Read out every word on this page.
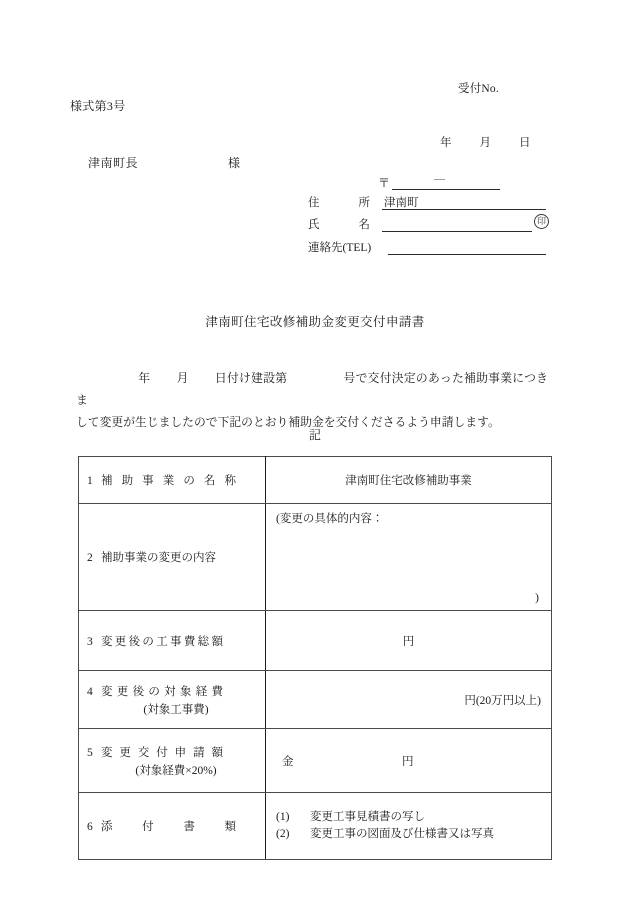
受付No.
様式第3号
年 月 日
津南町長	様
〒	—
住所 津南町
氏名	印
連絡先(TEL)
津南町住宅改修補助金変更交付申請書
年 月 日付け建設第	号で交付決定のあった補助事業につきま
して変更が生じましたので下記のとおり補助金を交付くださるよう申請します。
記
1 補助事業の名称	津南町住宅改修補助事業

2 補助事業の変更の内容	(変更の具体的内容：
)

3 変更後の工事費総額	円

4 変更後の対象経費
(対象工事費)	円(20万円以上)

5 変更交付申請額
(対象経費×20%)	金 円

6 添付書類	(1) 変更工事見積書の写し
(2) 変更工事の図面及び仕様書又は写真
